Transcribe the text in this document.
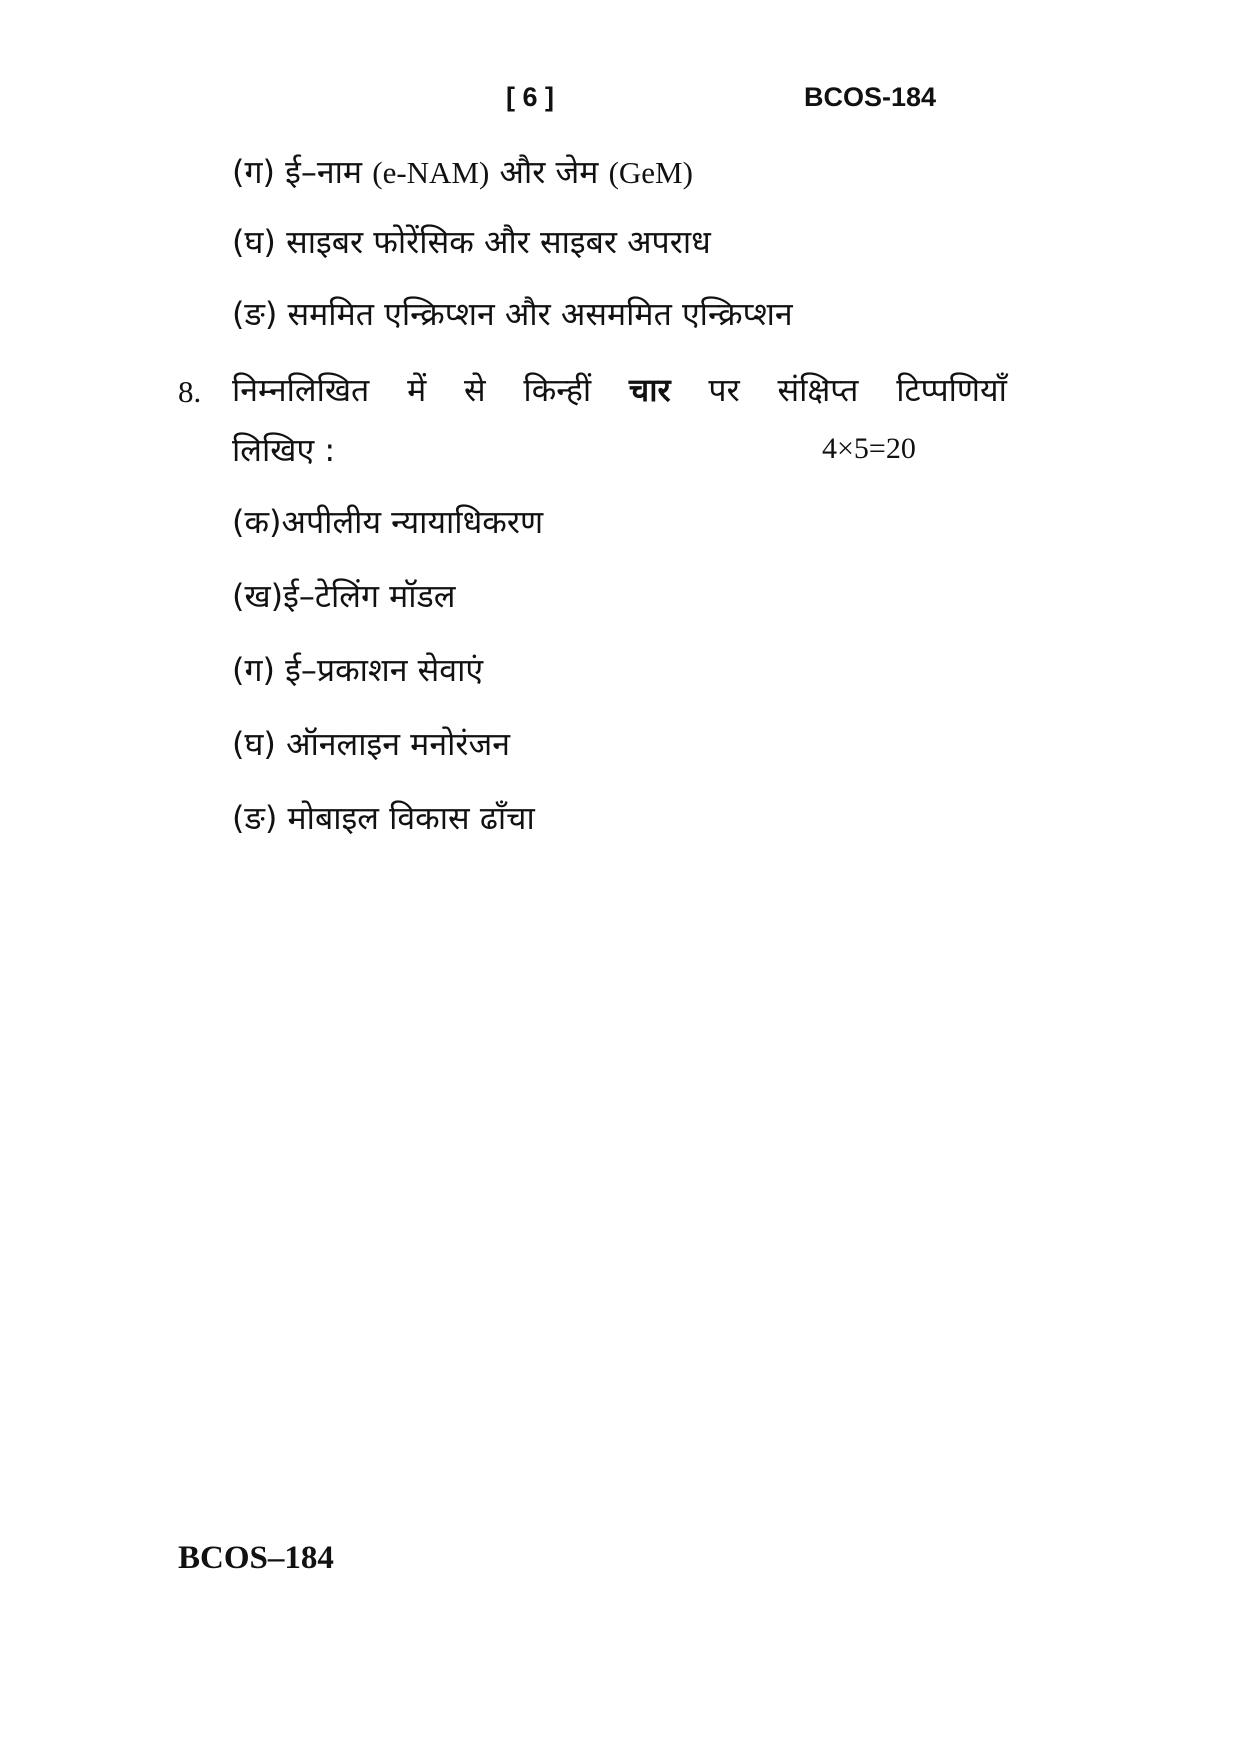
[ 6 ]	BCOS-184
(ग) ई–नाम (e-NAM) और जेम (GeM)
(घ) साइबर फोरेंसिक और साइबर अपराध
(ङ) सममित एन्क्रिप्शन और असममित एन्क्रिप्शन
8. निम्नलिखित में से किन्हीं चार पर संक्षिप्त टिप्पणियाँ
लिखिए :	4×5=20
(क)अपीलीय न्यायाधिकरण
(ख)ई–टेलिंग मॉडल
(ग) ई–प्रकाशन सेवाएं
(घ) ऑनलाइन मनोरंजन
(ङ) मोबाइल विकास ढाँचा
BCOS–184
